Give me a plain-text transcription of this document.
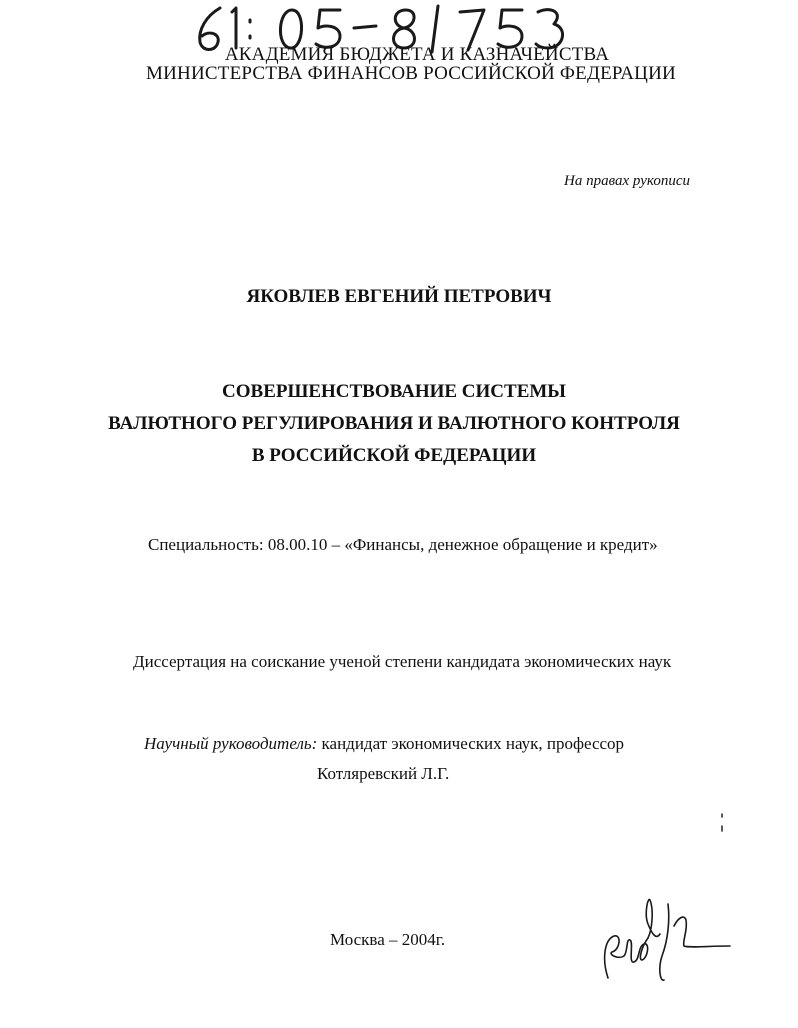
АКАДЕМИЯ БЮДЖЕТА И КАЗНАЧЕЙСТВА
МИНИСТЕРСТВА ФИНАНСОВ РОССИЙСКОЙ ФЕДЕРАЦИИ
На правах рукописи
ЯКОВЛЕВ ЕВГЕНИЙ ПЕТРОВИЧ
СОВЕРШЕНСТВОВАНИЕ СИСТЕМЫ
ВАЛЮТНОГО РЕГУЛИРОВАНИЯ И ВАЛЮТНОГО КОНТРОЛЯ
В РОССИЙСКОЙ ФЕДЕРАЦИИ
Специальность: 08.00.10 – «Финансы, денежное обращение и кредит»
Диссертация на соискание ученой степени кандидата экономических наук
Научный руководитель: кандидат экономических наук, профессор
Котляревский Л.Г.
Москва – 2004г.
